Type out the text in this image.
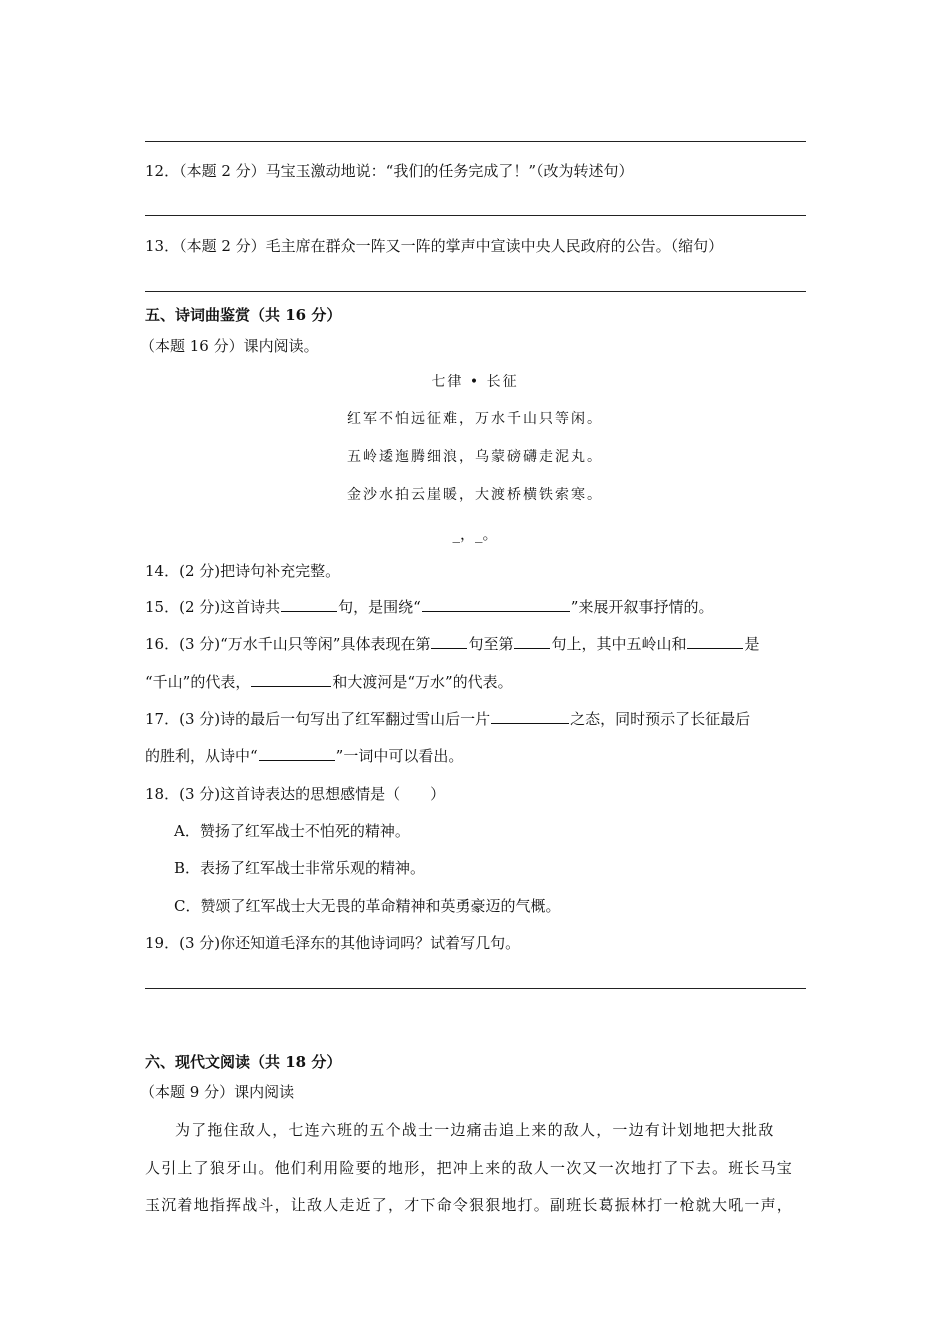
12．（本题 2 分）马宝玉激动地说：“我们的任务完成了！”（改为转述句）
13．（本题 2 分）毛主席在群众一阵又一阵的掌声中宣读中央人民政府的公告。（缩句）
五、诗词曲鉴赏（共 16 分）
（本题 16 分）课内阅读。
七律 • 长征
红军不怕远征难，万水千山只等闲。
五岭逶迤腾细浪，乌蒙磅礴走泥丸。
金沙水拍云崖暖，大渡桥横铁索寒。
_，_。
14．(2 分)把诗句补充完整。
15．(2 分)这首诗共	句，是围绕“	”来展开叙事抒情的。
16．(3 分)“万水千山只等闲”具体表现在第	句至第	句上，其中五岭山和	是
“千山”的代表，	和大渡河是“万水”的代表。
17．(3 分)诗的最后一句写出了红军翻过雪山后一片	之态，同时预示了长征最后
的胜利，从诗中“	”一词中可以看出。
18．(3 分)这首诗表达的思想感情是（　　）
A．赞扬了红军战士不怕死的精神。
B．表扬了红军战士非常乐观的精神。
C．赞颂了红军战士大无畏的革命精神和英勇豪迈的气概。
19．(3 分)你还知道毛泽东的其他诗词吗？试着写几句。
六、现代文阅读（共 18 分）
（本题 9 分）课内阅读
为了拖住敌人，七连六班的五个战士一边痛击追上来的敌人，一边有计划地把大批敌
人引上了狼牙山。他们利用险要的地形，把冲上来的敌人一次又一次地打了下去。班长马宝
玉沉着地指挥战斗，让敌人走近了，才下命令狠狠地打。副班长葛振林打一枪就大吼一声，
